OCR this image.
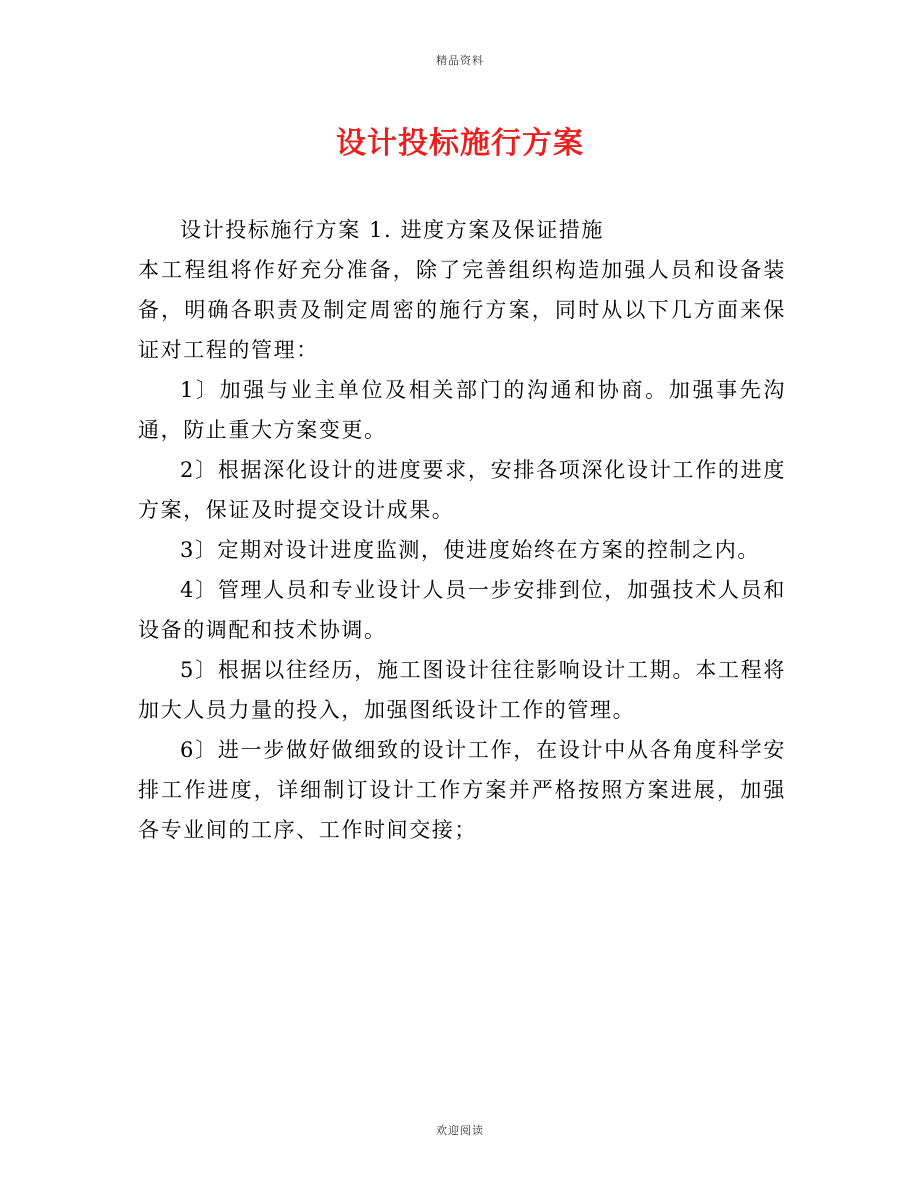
精品资料
设计投标施行方案

设计投标施行方案 1. 进度方案及保证措施

本工程组将作好充分准备，除了完善组织构造加强人员和设备装备，明确各职责及制定周密的施行方案，同时从以下几方面来保证对工程的管理：

1〕加强与业主单位及相关部门的沟通和协商。加强事先沟通，防止重大方案变更。

2〕根据深化设计的进度要求，安排各项深化设计工作的进度方案，保证及时提交设计成果。

3〕定期对设计进度监测，使进度始终在方案的控制之内。

4〕管理人员和专业设计人员一步安排到位，加强技术人员和设备的调配和技术协调。

5〕根据以往经历，施工图设计往往影响设计工期。本工程将加大人员力量的投入，加强图纸设计工作的管理。

6〕进一步做好做细致的设计工作，在设计中从各角度科学安排工作进度，详细制订设计工作方案并严格按照方案进展，加强各专业间的工序、工作时间交接；

欢迎阅读
